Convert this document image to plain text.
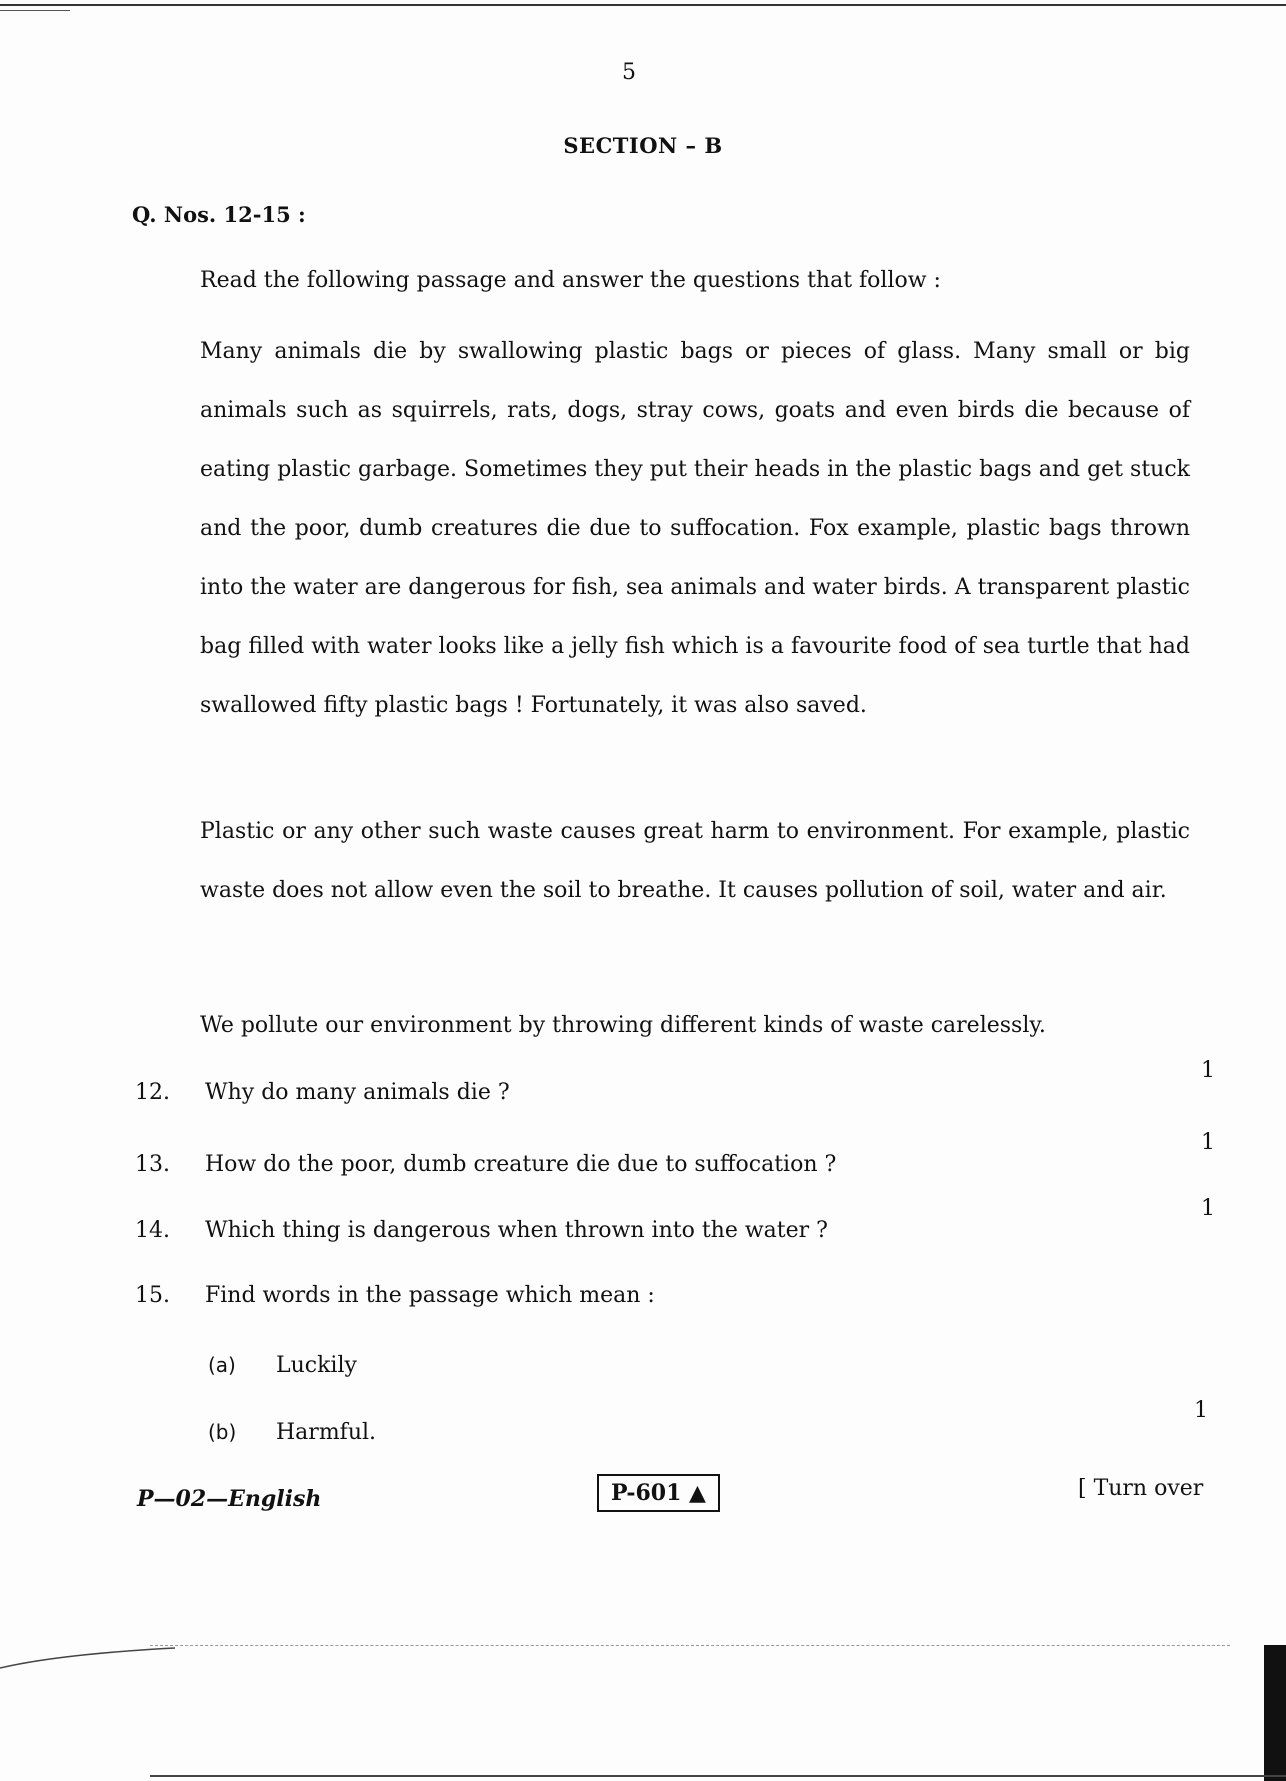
5
SECTION – B
Q. Nos. 12-15 :
Read the following passage and answer the questions that follow :

Many animals die by swallowing plastic bags or pieces of glass. Many small or big animals such as squirrels, rats, dogs, stray cows, goats and even birds die because of eating plastic garbage. Sometimes they put their heads in the plastic bags and get stuck and the poor, dumb creatures die due to suffocation. Fox example, plastic bags thrown into the water are dangerous for fish, sea animals and water birds. A transparent plastic bag filled with water looks like a jelly fish which is a favourite food of sea turtle that had swallowed fifty plastic bags ! Fortunately, it was also saved.

Plastic or any other such waste causes great harm to environment. For example, plastic waste does not allow even the soil to breathe. It causes pollution of soil, water and air.

We pollute our environment by throwing different kinds of waste carelessly.

12. Why do many animals die ?
1
13. How do the poor, dumb creature die due to suffocation ?
1
14. Which thing is dangerous when thrown into the water ?
1
15. Find words in the passage which mean :
(a) Luckily
(b) Harmful.
1
P—02—English	P-601 ▲	[ Turn over
